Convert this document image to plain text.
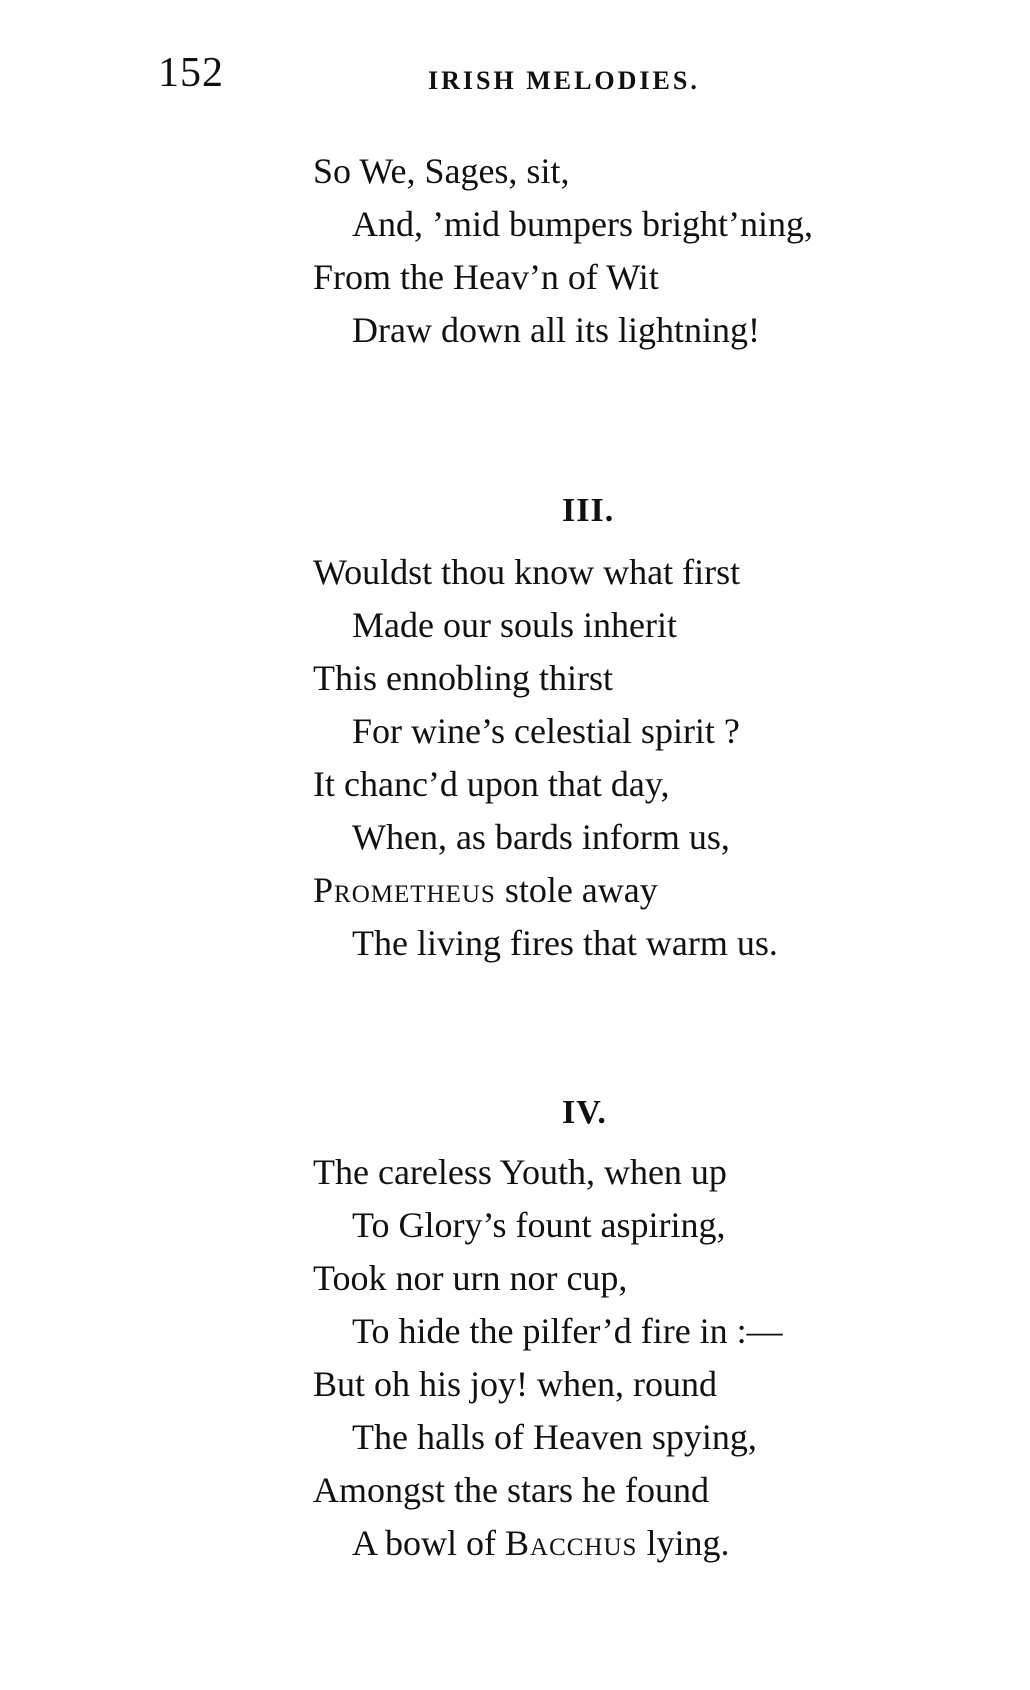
152	IRISH MELODIES.
So We, Sages, sit,
And, ’mid bumpers bright’ning,
From the Heav’n of Wit
Draw down all its lightning!
III.
Wouldst thou know what first
Made our souls inherit
This ennobling thirst
For wine’s celestial spirit ?
It chanc’d upon that day,
When, as bards inform us,
Prometheus stole away
The living fires that warm us.
IV.
The careless Youth, when up
To Glory’s fount aspiring,
Took nor urn nor cup,
To hide the pilfer’d fire in :—
But oh his joy! when, round
The halls of Heaven spying,
Amongst the stars he found
A bowl of Bacchus lying.
